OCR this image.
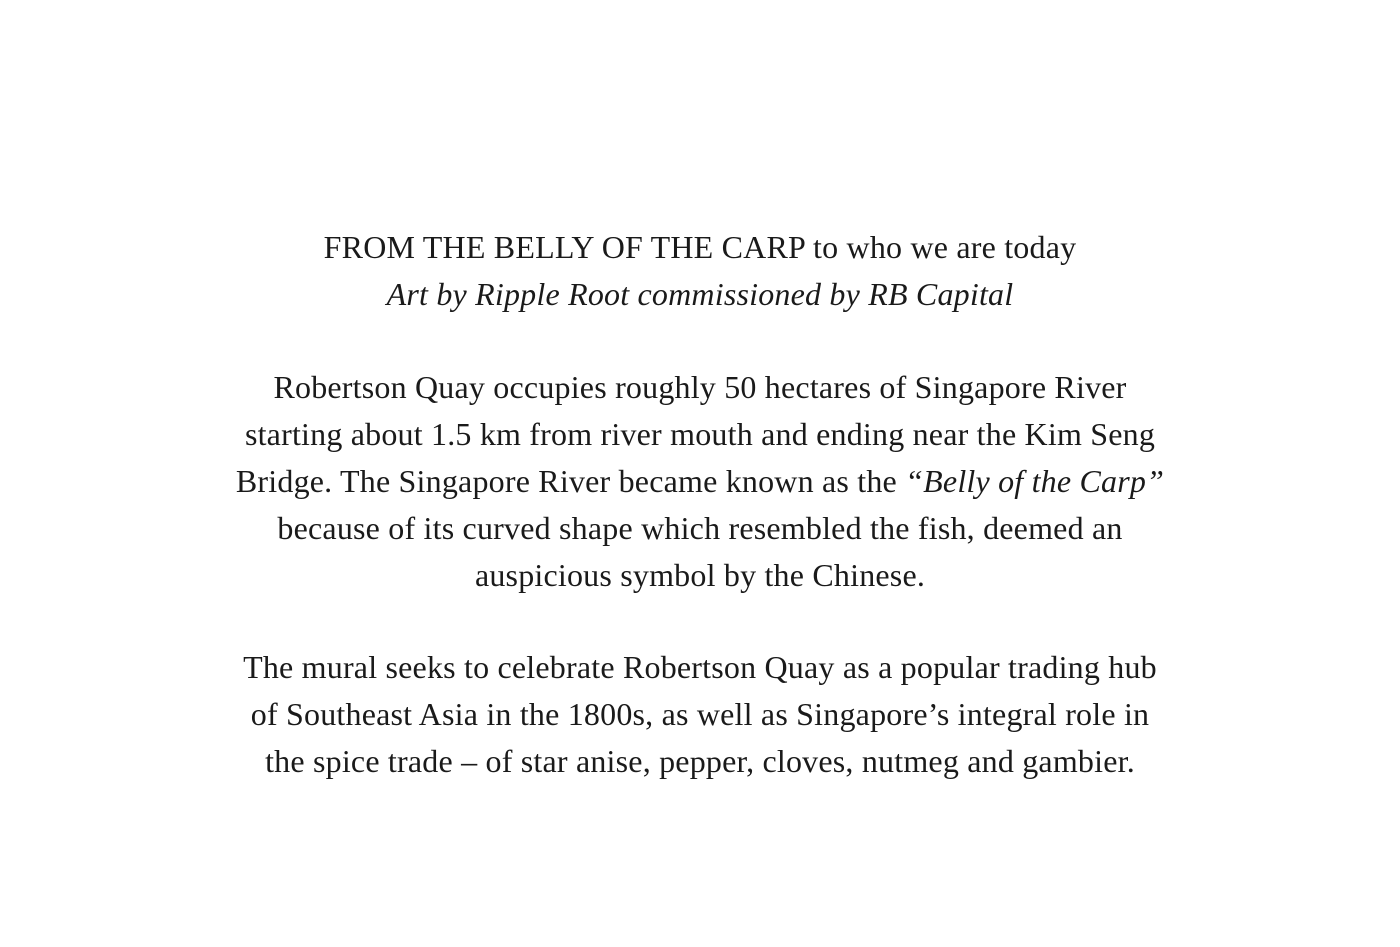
FROM THE BELLY OF THE CARP to who we are today
Art by Ripple Root commissioned by RB Capital
Robertson Quay occupies roughly 50 hectares of Singapore River
starting about 1.5 km from river mouth and ending near the Kim Seng
Bridge. The Singapore River became known as the “Belly of the Carp”
because of its curved shape which resembled the fish, deemed an
auspicious symbol by the Chinese.
The mural seeks to celebrate Robertson Quay as a popular trading hub
of Southeast Asia in the 1800s, as well as Singapore’s integral role in
the spice trade – of star anise, pepper, cloves, nutmeg and gambier.
